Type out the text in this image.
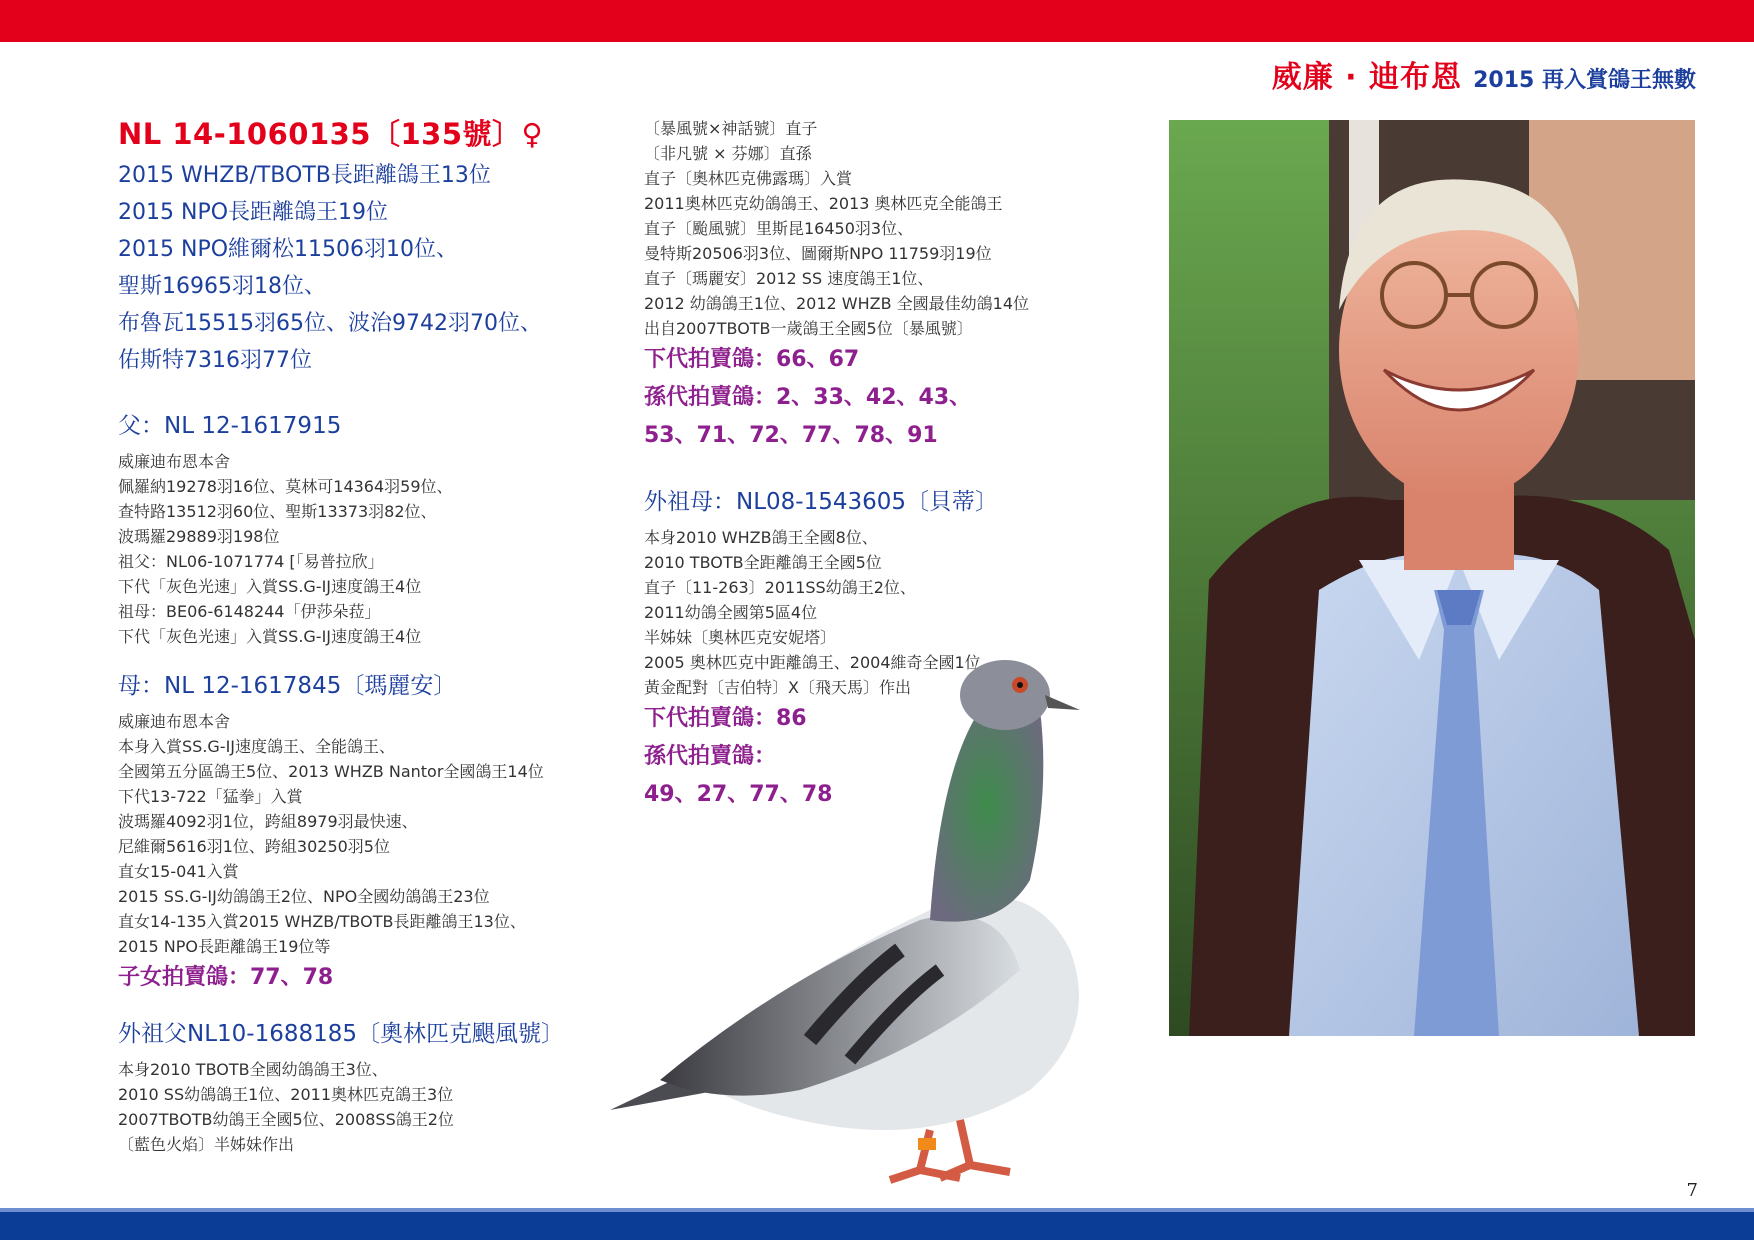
威廉 · 迪布恩 2015 再入賞鴿王無數
NL 14-1060135〔135號〕♀

2015 WHZB/TBOTB長距離鴿王13位

2015 NPO長距離鴿王19位

2015 NPO維爾松11506羽10位、

聖斯16965羽18位、

布魯瓦15515羽65位、波治9742羽70位、

佑斯特7316羽77位

父：NL 12-1617915

威廉迪布恩本舍

佩羅納19278羽16位、莫林可14364羽59位、

查特路13512羽60位、聖斯13373羽82位、

波瑪羅29889羽198位

祖父：NL06-1071774 [「易普拉欣」

下代「灰色光速」入賞SS.G-IJ速度鴿王4位

祖母：BE06-6148244「伊莎朵菈」

下代「灰色光速」入賞SS.G-IJ速度鴿王4位

母：NL 12-1617845〔瑪麗安〕

威廉迪布恩本舍

本身入賞SS.G-IJ速度鴿王、全能鴿王、

全國第五分區鴿王5位、2013 WHZB Nantor全國鴿王14位

下代13-722「猛拳」入賞

波瑪羅4092羽1位，跨組8979羽最快速、

尼維爾5616羽1位、跨組30250羽5位

直女15-041入賞

2015 SS.G-IJ幼鴿鴿王2位、NPO全國幼鴿鴿王23位

直女14-135入賞2015 WHZB/TBOTB長距離鴿王13位、

2015 NPO長距離鴿王19位等

子女拍賣鴿：77、78

外祖父NL10-1688185〔奧林匹克颶風號〕

本身2010 TBOTB全國幼鴿鴿王3位、

2010 SS幼鴿鴿王1位、2011奧林匹克鴿王3位

2007TBOTB幼鴿王全國5位、2008SS鴿王2位

〔藍色火焰〕半姊妹作出

〔暴風號×神話號〕直子

〔非凡號 × 芬娜〕直孫

直子〔奧林匹克佛露瑪〕入賞

2011奧林匹克幼鴿鴿王、2013 奧林匹克全能鴿王

直子〔颱風號〕里斯昆16450羽3位、

曼特斯20506羽3位、圖爾斯NPO 11759羽19位

直子〔瑪麗安〕2012 SS 速度鴿王1位、

2012 幼鴿鴿王1位、2012 WHZB 全國最佳幼鴿14位

出自2007TBOTB一歲鴿王全國5位〔暴風號〕

下代拍賣鴿：66、67

孫代拍賣鴿：2、33、42、43、

53、71、72、77、78、91

外祖母：NL08-1543605〔貝蒂〕

本身2010 WHZB鴿王全國8位、

2010 TBOTB全距離鴿王全國5位

直子〔11-263〕2011SS幼鴿王2位、

2011幼鴿全國第5區4位

半姊妹〔奧林匹克安妮塔〕

2005 奧林匹克中距離鴿王、2004維奇全國1位

黃金配對〔吉伯特〕X〔飛天馬〕作出

下代拍賣鴿：86

孫代拍賣鴿：

49、27、77、78

7
